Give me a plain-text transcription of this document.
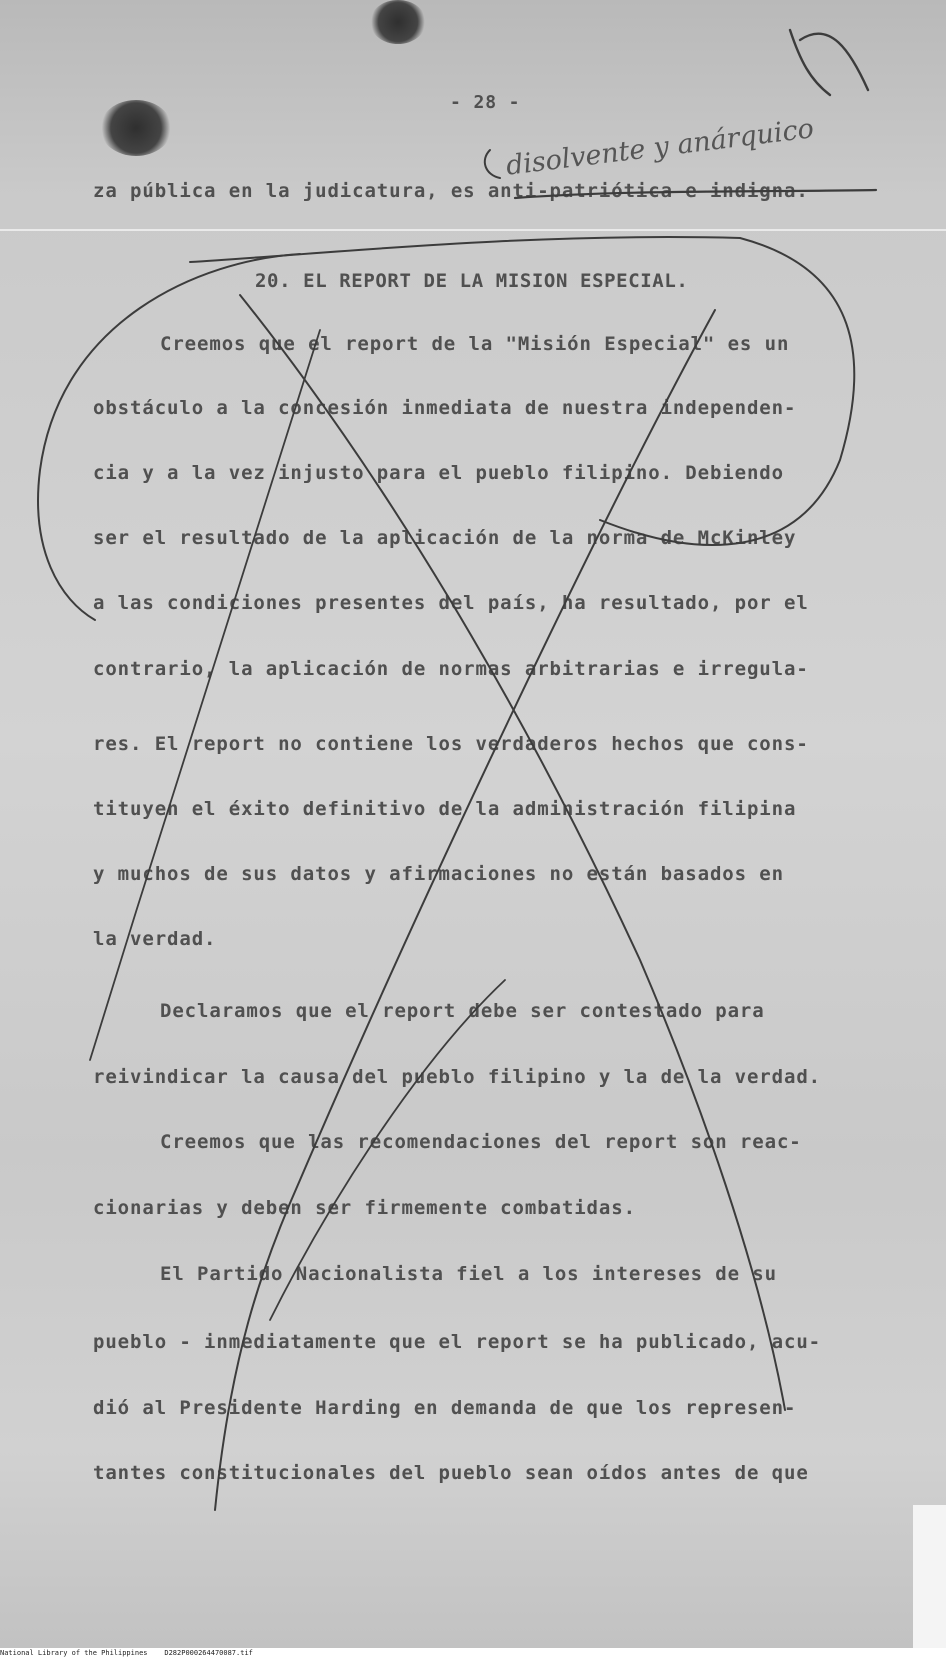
- 28 -
disolvente y anárquico
za pública en la judicatura, es anti-patriótica e indigna.
20. EL REPORT DE LA MISION ESPECIAL.
Creemos que el report de la "Misión Especial" es un
obstáculo a la concesión inmediata de nuestra independen-
cia y a la vez injusto para el pueblo filipino. Debiendo
ser el resultado de la aplicación de la norma de McKinley
a las condiciones presentes del país, ha resultado, por el
contrario, la aplicación de normas arbitrarias e irregula-
res. El report no contiene los verdaderos hechos que cons-
tituyen el éxito definitivo de la administración filipina
y muchos de sus datos y afirmaciones no están basados en
la verdad.
Declaramos que el report debe ser contestado para
reivindicar la causa del pueblo filipino y la de la verdad.
Creemos que las recomendaciones del report son reac-
cionarias y deben ser firmemente combatidas.
El Partido Nacionalista fiel a los intereses de su
pueblo - inmediatamente que el report se ha publicado, acu-
dió al Presidente Harding en demanda de que los represen-
tantes constitucionales del pueblo sean oídos antes de que
National Library of the Philippines D282P000264470087.tif
